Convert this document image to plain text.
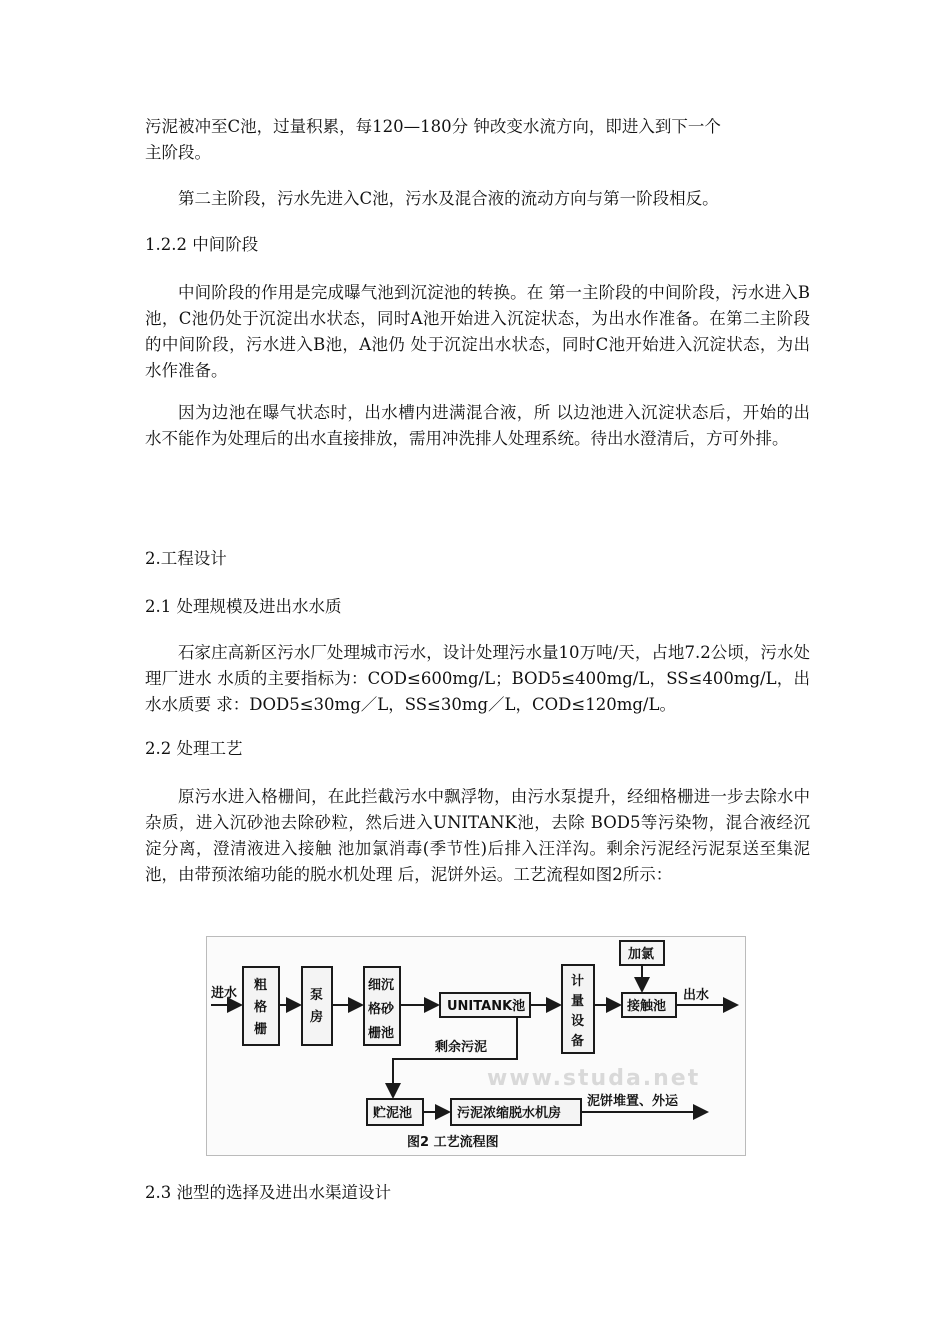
污泥被冲至C池，过量积累，每120—180分 钟改变水流方向，即进入到下一个
主阶段。
第二主阶段，污水先进入C池，污水及混合液的流动方向与第一阶段相反。
1.2.2 中间阶段
中间阶段的作用是完成曝气池到沉淀池的转换。在 第一主阶段的中间阶段，污水进入B池，C池仍处于沉淀出水状态，同时A池开始进入沉淀状态，为出水作准备。在第二主阶段的中间阶段，污水进入B池，A池仍 处于沉淀出水状态，同时C池开始进入沉淀状态，为出水作准备。
因为边池在曝气状态时，出水槽内进满混合液，所 以边池进入沉淀状态后，开始的出水不能作为处理后的出水直接排放，需用冲洗排人处理系统。待出水澄清后，方可外排。
2.工程设计
2.1 处理规模及进出水水质
石家庄高新区污水厂处理城市污水，设计处理污水量10万吨/天，占地7.2公顷，污水处理厂进水 水质的主要指标为：COD≤600mg/L；BOD5≤400mg/L，SS≤400mg/L，出水水质要 求：DOD5≤30mg／L，SS≤30mg／L，COD≤120mg/L。
2.2 处理工艺
原污水进入格栅间，在此拦截污水中飘浮物，由污水泵提升，经细格栅进一步去除水中杂质，进入沉砂池去除砂粒，然后进入UNITANK池，去除 BOD5等污染物，混合液经沉淀分离，澄清液进入接触 池加氯消毒(季节性)后排入汪洋沟。剩余污泥经污泥泵送至集泥池，由带预浓缩功能的脱水机处理 后，泥饼外运。工艺流程如图2所示：
www.studa.net
进水
粗
格
栅
泵
房
细沉
格砂
栅池
UNITANK池
计
量
设
备
加氯
接触池
出水
剩余污泥
贮泥池	污泥浓缩脱水机房
泥饼堆置、外运
图2 工艺流程图
2.3 池型的选择及进出水渠道设计
